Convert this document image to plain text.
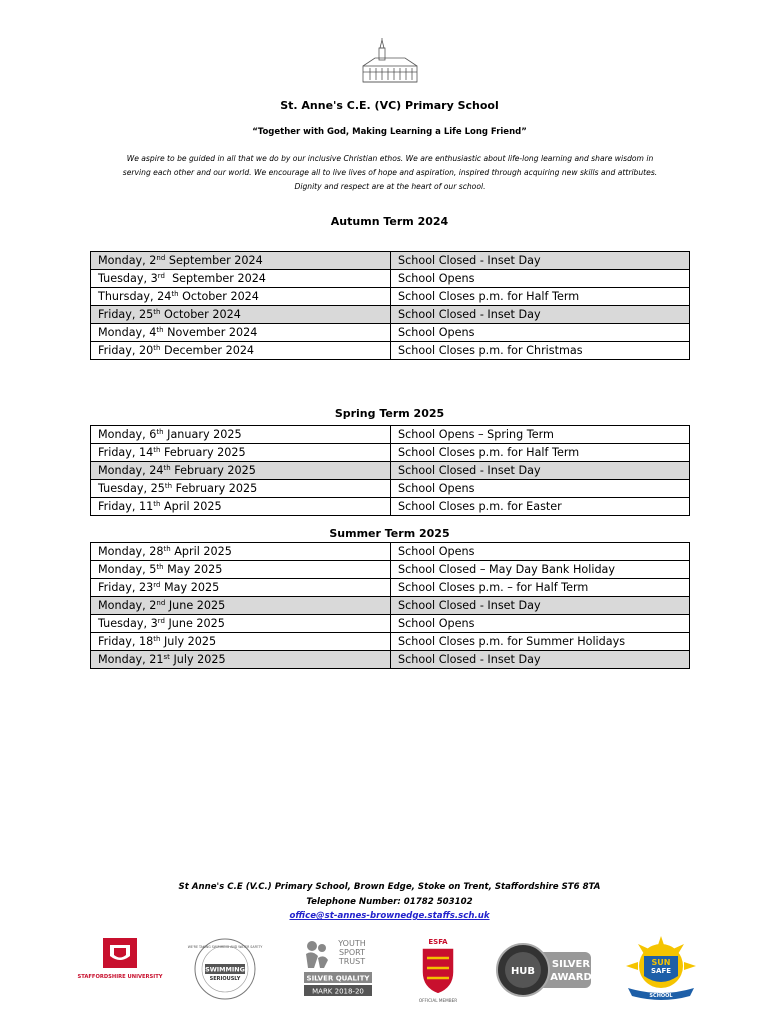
St. Anne's C.E. (VC) Primary School
“Together with God, Making Learning a Life Long Friend”
We aspire to be guided in all that we do by our inclusive Christian ethos. We are enthusiastic about life-long learning and share wisdom in
serving each other and our world. We encourage all to live lives of hope and aspiration, inspired through acquiring new skills and attributes.
Dignity and respect are at the heart of our school.
Autumn Term 2024
Monday, 2nd September 2024	School Closed - Inset Day
Tuesday, 3rd  September 2024	School Opens
Thursday, 24th October 2024	School Closes p.m. for Half Term
Friday, 25th October 2024	School Closed - Inset Day
Monday, 4th November 2024	School Opens
Friday, 20th December 2024	School Closes p.m. for Christmas
Spring Term 2025
Monday, 6th January 2025	School Opens – Spring Term
Friday, 14th February 2025	School Closes p.m. for Half Term
Monday, 24th February 2025	School Closed - Inset Day
Tuesday, 25th February 2025	School Opens
Friday, 11th April 2025	School Closes p.m. for Easter
Summer Term 2025
Monday, 28th April 2025	School Opens
Monday, 5th May 2025	School Closed – May Day Bank Holiday
Friday, 23rd May 2025	School Closes p.m. – for Half Term
Monday, 2nd June 2025	School Closed - Inset Day
Tuesday, 3rd June 2025	School Opens
Friday, 18th July 2025	School Closes p.m. for Summer Holidays
Monday, 21st July 2025	School Closed - Inset Day
St Anne's C.E (V.C.) Primary School, Brown Edge, Stoke on Trent, Staffordshire ST6 8TA
Telephone Number: 01782 503102
office@st-annes-brownedge.staffs.sch.uk
STAFFORDSHIRE UNIVERSITY
WE'RE TAKING SWIMMING AND WATER SAFETY
SWIMMING
SERIOUSLY
YOUTH
SPORT
TRUST
SILVER QUALITY
MARK 2018-20
ESFA
OFFICIAL MEMBER
SILVER
AWARD
HUB
SUN
SAFE
SCHOOL
